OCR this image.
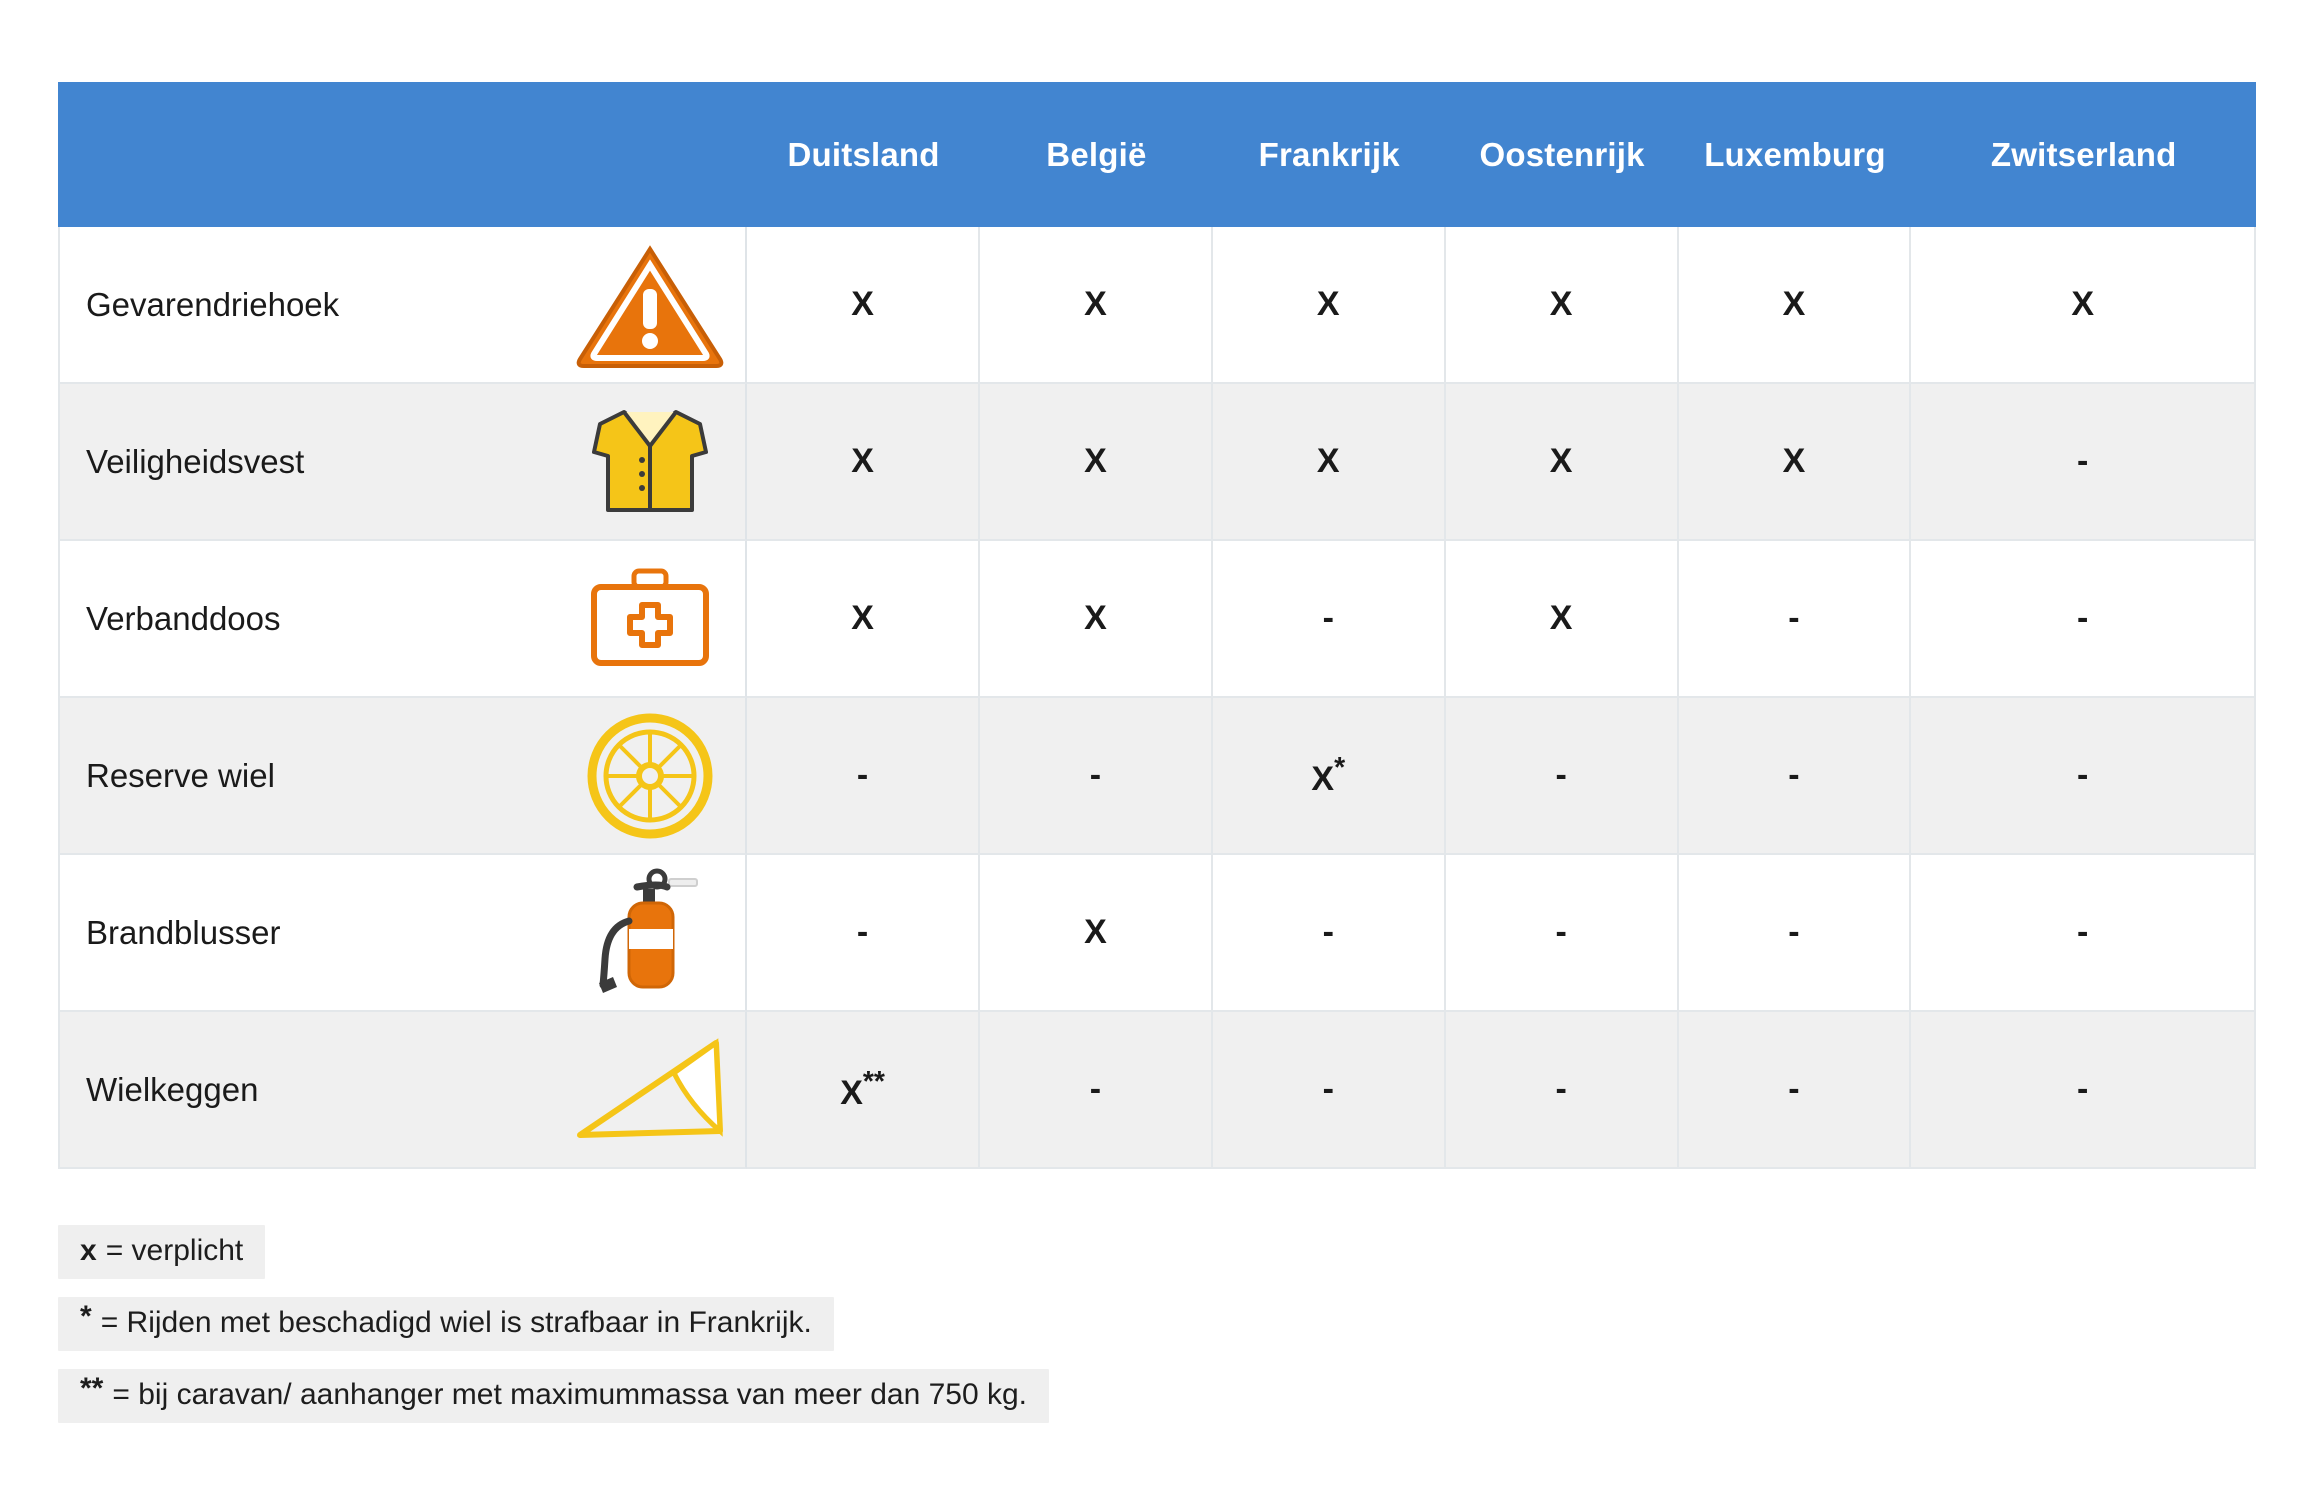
	Duitsland	België	Frankrijk	Oostenrijk	Luxemburg	Zwitserland

Gevarendriehoek	X	X	X	X	X	X

Veiligheidsvest	X	X	X	X	X	-

Verbanddoos	X	X	-	X	-	-

Reserve wiel	-	-	X*	-	-	-

Brandblusser	-	X	-	-	-	-

Wielkeggen	X**	-	-	-	-	-
x = verplicht
* = Rijden met beschadigd wiel is strafbaar in Frankrijk.
** = bij caravan/ aanhanger met maximummassa van meer dan 750 kg.
